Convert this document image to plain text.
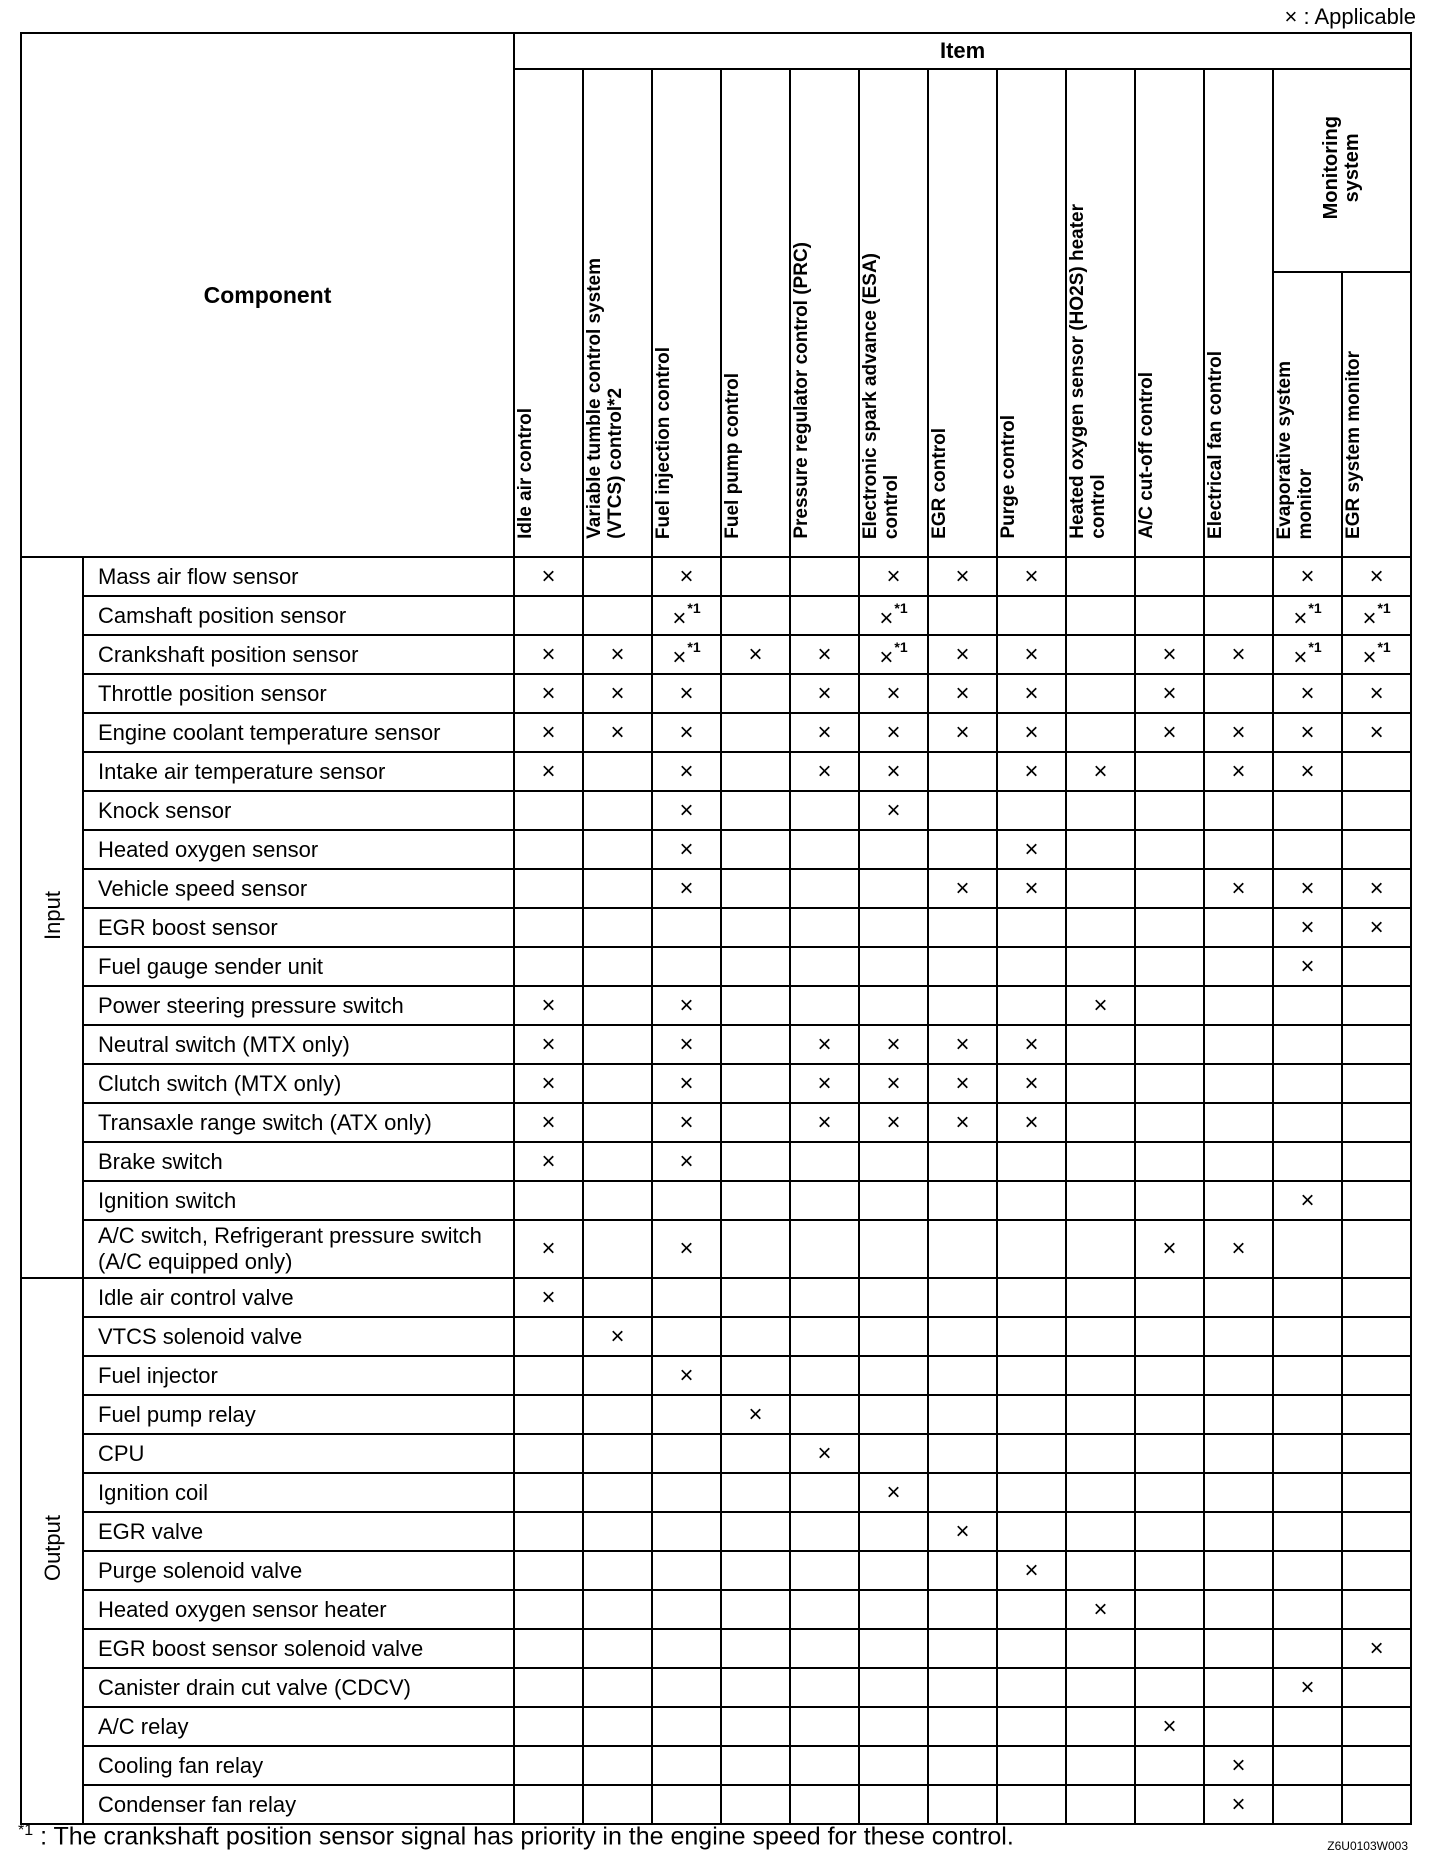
× : Applicable
Component		Item												
		Idle air control	Variable tumble control system
(VTCS) control*2	Fuel injection control	Fuel pump control	Pressure regulator control (PRC)	Electronic spark advance (ESA)
control	EGR control	Purge control	Heated oxygen sensor (HO2S) heater
control	A/C cut-off control	Electrical fan control	Monitoring
system	
													Evaporative system
monitor	EGR system monitor
Input	Mass air flow sensor	×		×			×	×	×				×	×
	Camshaft position sensor			×$^{*1}$			×$^{*1}$						×$^{*1}$	×$^{*1}$
	Crankshaft position sensor	×	×	×$^{*1}$	×	×	×$^{*1}$	×	×		×	×	×$^{*1}$	×$^{*1}$
	Throttle position sensor	×	×	×		×	×	×	×		×		×	×
	Engine coolant temperature sensor	×	×	×		×	×	×	×		×	×	×	×
	Intake air temperature sensor	×		×		×	×		×	×		×	×	
	Knock sensor			×			×							
	Heated oxygen sensor			×					×					
	Vehicle speed sensor			×				×	×			×	×	×
	EGR boost sensor												×	×
	Fuel gauge sender unit												×	
	Power steering pressure switch	×		×						×				
	Neutral switch (MTX only)	×		×		×	×	×	×					
	Clutch switch (MTX only)	×		×		×	×	×	×					
	Transaxle range switch (ATX only)	×		×		×	×	×	×					
	Brake switch	×		×										
	Ignition switch												×	
	A/C switch, Refrigerant pressure switch (A/C equipped only)	×		×							×	×		
Output	Idle air control valve	×												
	VTCS solenoid valve		×											
	Fuel injector			×										
	Fuel pump relay				×									
	CPU					×								
	Ignition coil						×							
	EGR valve							×						
	Purge solenoid valve								×					
	Heated oxygen sensor heater									×				
	EGR boost sensor solenoid valve													×
	Canister drain cut valve (CDCV)												×	
	A/C relay										×			
	Cooling fan relay											×		
	Condenser fan relay											×		
$^{*1}$ : The crankshaft position sensor signal has priority in the engine speed for these control.	Z6U0103W003
